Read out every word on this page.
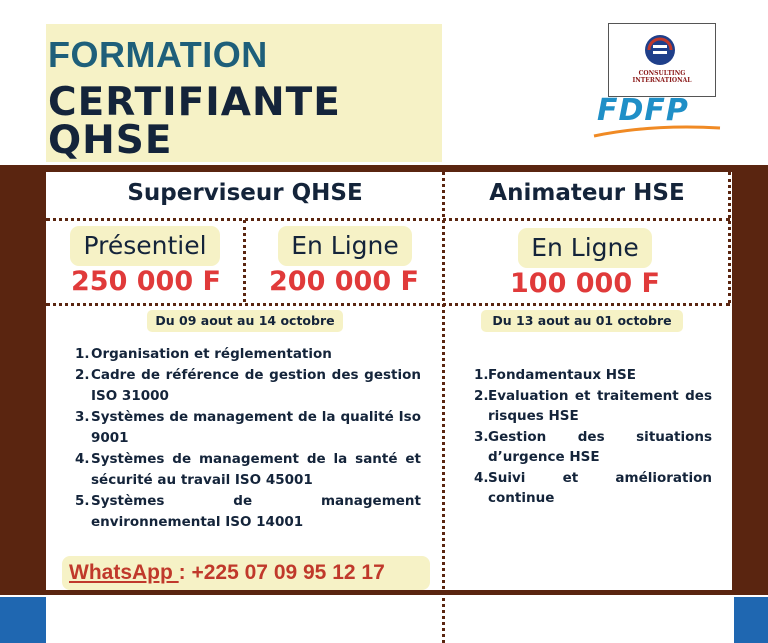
FORMATION
CERTIFIANTE
QHSE
CONSULTING
INTERNATIONAL
FDFP
Superviseur QHSE	Animateur HSE
Présentiel
250 000 F
En Ligne
200 000 F
En Ligne
100 000 F
Du 09 aout au 14 octobre	Du 13 aout au 01 octobre
1. Organisation et réglementation
2. Cadre de référence de gestion des gestion ISO 31000
3. Systèmes de management de la qualité Iso 9001
4. Systèmes de management de la santé et sécurité au travail ISO 45001
5. Systèmes de management environnemental ISO 14001
1. Fondamentaux HSE
2. Evaluation et traitement des risques HSE
3. Gestion des situations d’urgence HSE
4. Suivi et amélioration continue
WhatsApp : +225 07 09 95 12 17
